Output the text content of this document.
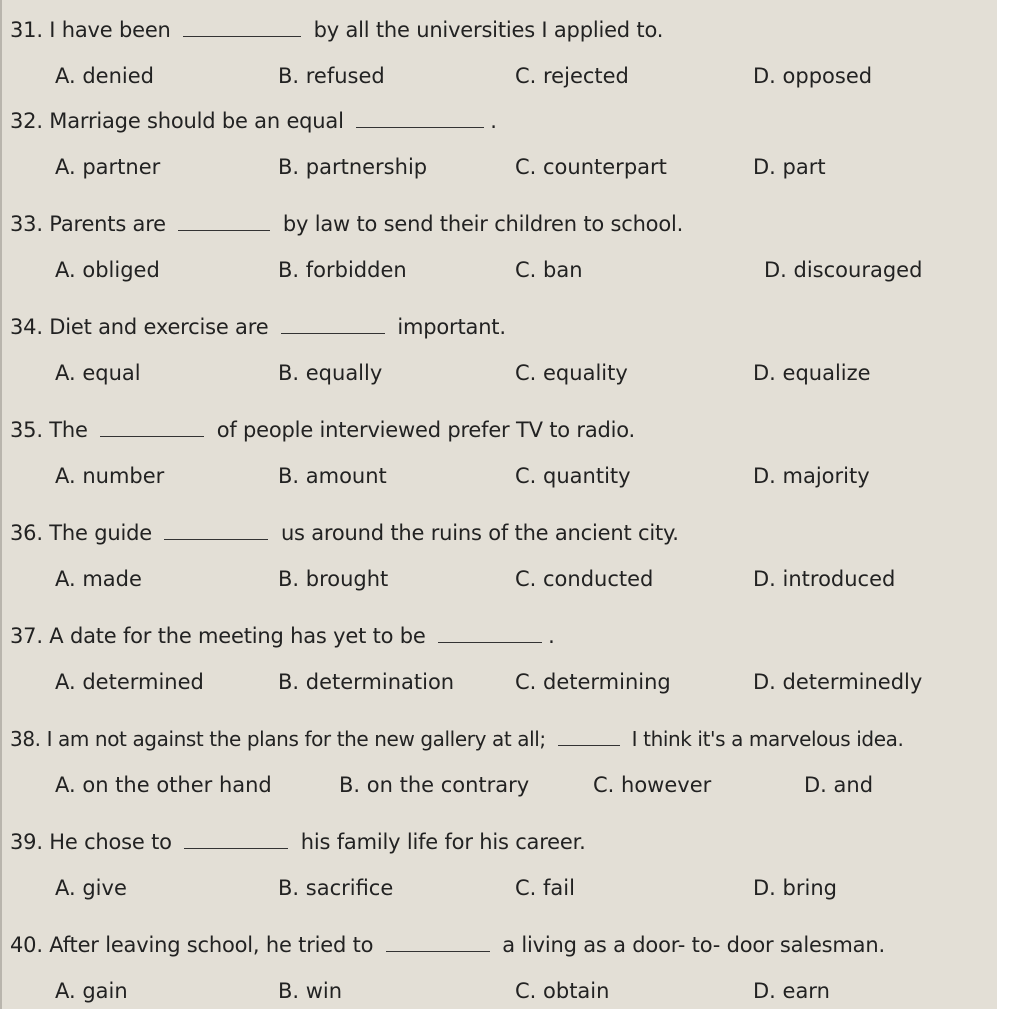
31. I have been	by all the universities I applied to.
A. denied	B. refused	C. rejected	D. opposed
32. Marriage should be an equal	.
A. partner	B. partnership	C. counterpart	D. part
33. Parents are	by law to send their children to school.
A. obliged	B. forbidden	C. ban	D. discouraged
34. Diet and exercise are	important.
A. equal	B. equally	C. equality	D. equalize
35. The	of people interviewed prefer TV to radio.
A. number	B. amount	C. quantity	D. majority
36. The guide	us around the ruins of the ancient city.
A. made	B. brought	C. conducted	D. introduced
37. A date for the meeting has yet to be	.
A. determined	B. determination	C. determining	D. determinedly
38. I am not against the plans for the new gallery at all;	I think it's a marvelous idea.
A. on the other hand	B. on the contrary	C. however	D. and
39. He chose to	his family life for his career.
A. give	B. sacrifice	C. fail	D. bring
40. After leaving school, he tried to	a living as a door- to- door salesman.
A. gain	B. win	C. obtain	D. earn
